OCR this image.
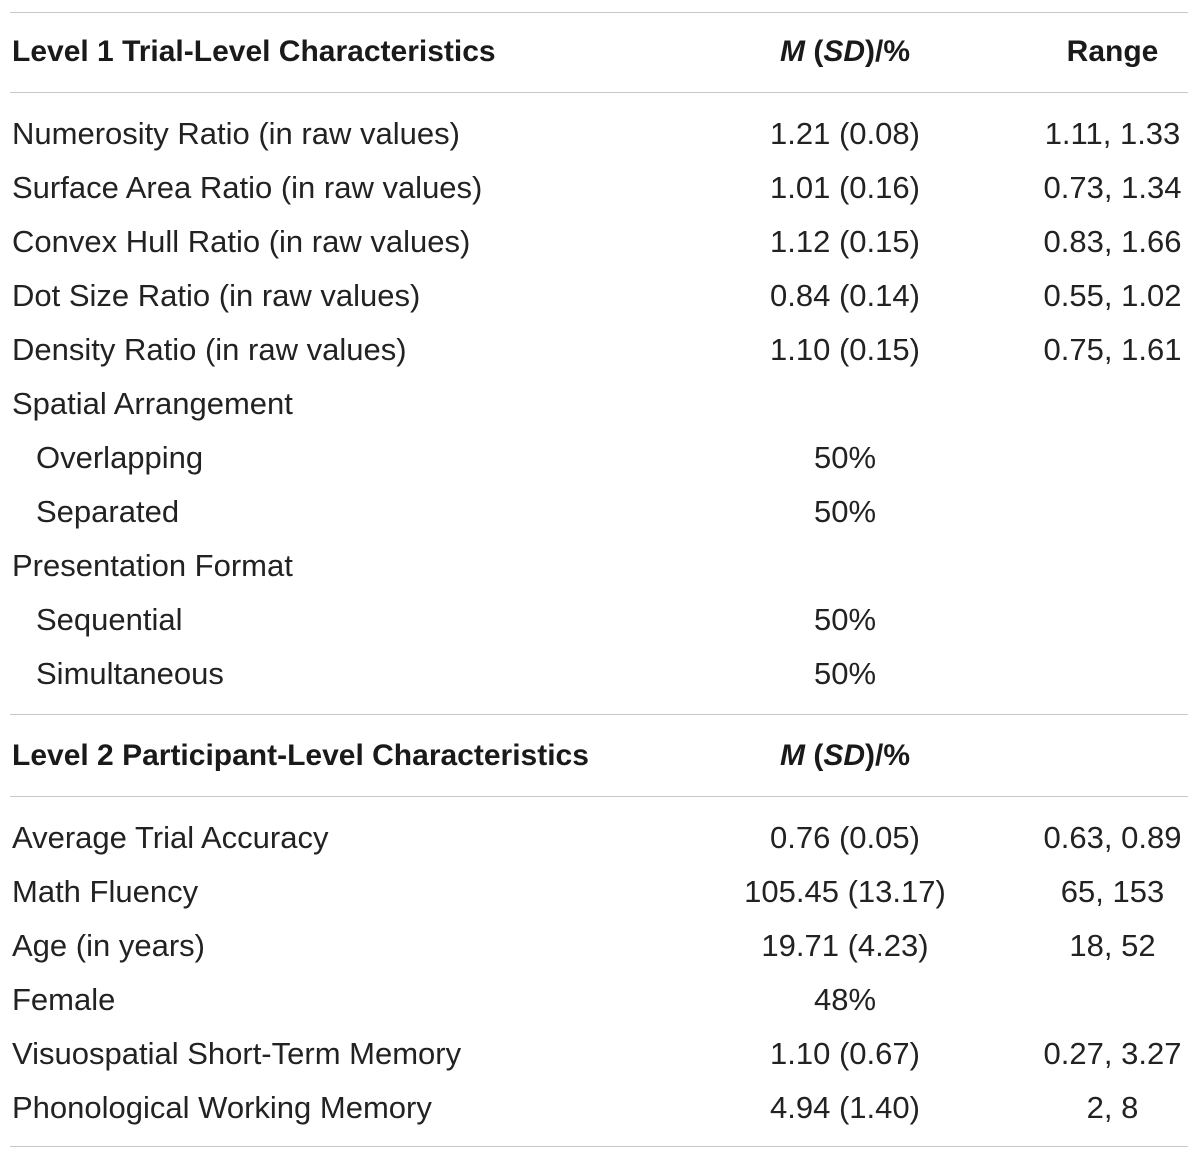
Level 1 Trial-Level Characteristics	M (SD)/%	Range
Numerosity Ratio (in raw values)	1.21 (0.08)	1.11, 1.33
Surface Area Ratio (in raw values)	1.01 (0.16)	0.73, 1.34
Convex Hull Ratio (in raw values)	1.12 (0.15)	0.83, 1.66
Dot Size Ratio (in raw values)	0.84 (0.14)	0.55, 1.02
Density Ratio (in raw values)	1.10 (0.15)	0.75, 1.61
Spatial Arrangement
Overlapping	50%
Separated	50%
Presentation Format
Sequential	50%
Simultaneous	50%
Level 2 Participant-Level Characteristics	M (SD)/%
Average Trial Accuracy	0.76 (0.05)	0.63, 0.89
Math Fluency	105.45 (13.17)	65, 153
Age (in years)	19.71 (4.23)	18, 52
Female	48%
Visuospatial Short-Term Memory	1.10 (0.67)	0.27, 3.27
Phonological Working Memory	4.94 (1.40)	2, 8
